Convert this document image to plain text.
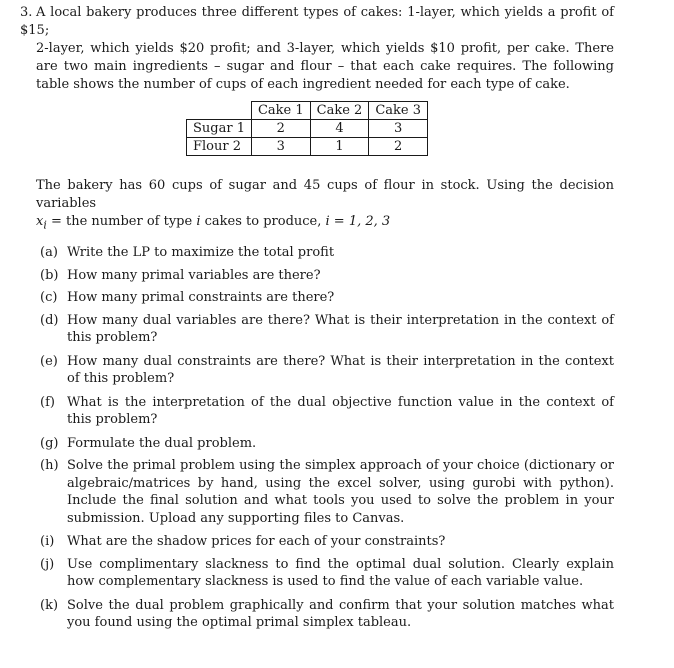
3. A local bakery produces three different types of cakes: 1-layer, which yields a profit of $15;

2-layer, which yields $20 profit; and 3-layer, which yields $10 profit, per cake. There are two main ingredients – sugar and flour – that each cake requires. The following table shows the number of cups of each ingredient needed for each type of cake.
	Cake 1	Cake 2	Cake 3
Sugar 1	2	4	3
Flour 2	3	1	2
The bakery has 60 cups of sugar and 45 cups of flour in stock. Using the decision variables
$x_i$ = the number of type i cakes to produce, i = 1, 2, 3
(a) Write the LP to maximize the total profit
(b) How many primal variables are there?
(c) How many primal constraints are there?
(d) How many dual variables are there? What is their interpretation in the context of this problem?
(e) How many dual constraints are there? What is their interpretation in the context of this problem?
(f) What is the interpretation of the dual objective function value in the context of this problem?
(g) Formulate the dual problem.
(h) Solve the primal problem using the simplex approach of your choice (dictionary or algebraic/matrices by hand, using the excel solver, using gurobi with python). Include the final solution and what tools you used to solve the problem in your submission. Upload any supporting files to Canvas.
(i) What are the shadow prices for each of your constraints?
(j) Use complimentary slackness to find the optimal dual solution. Clearly explain how complementary slackness is used to find the value of each variable value.
(k) Solve the dual problem graphically and confirm that your solution matches what you found using the optimal primal simplex tableau.
